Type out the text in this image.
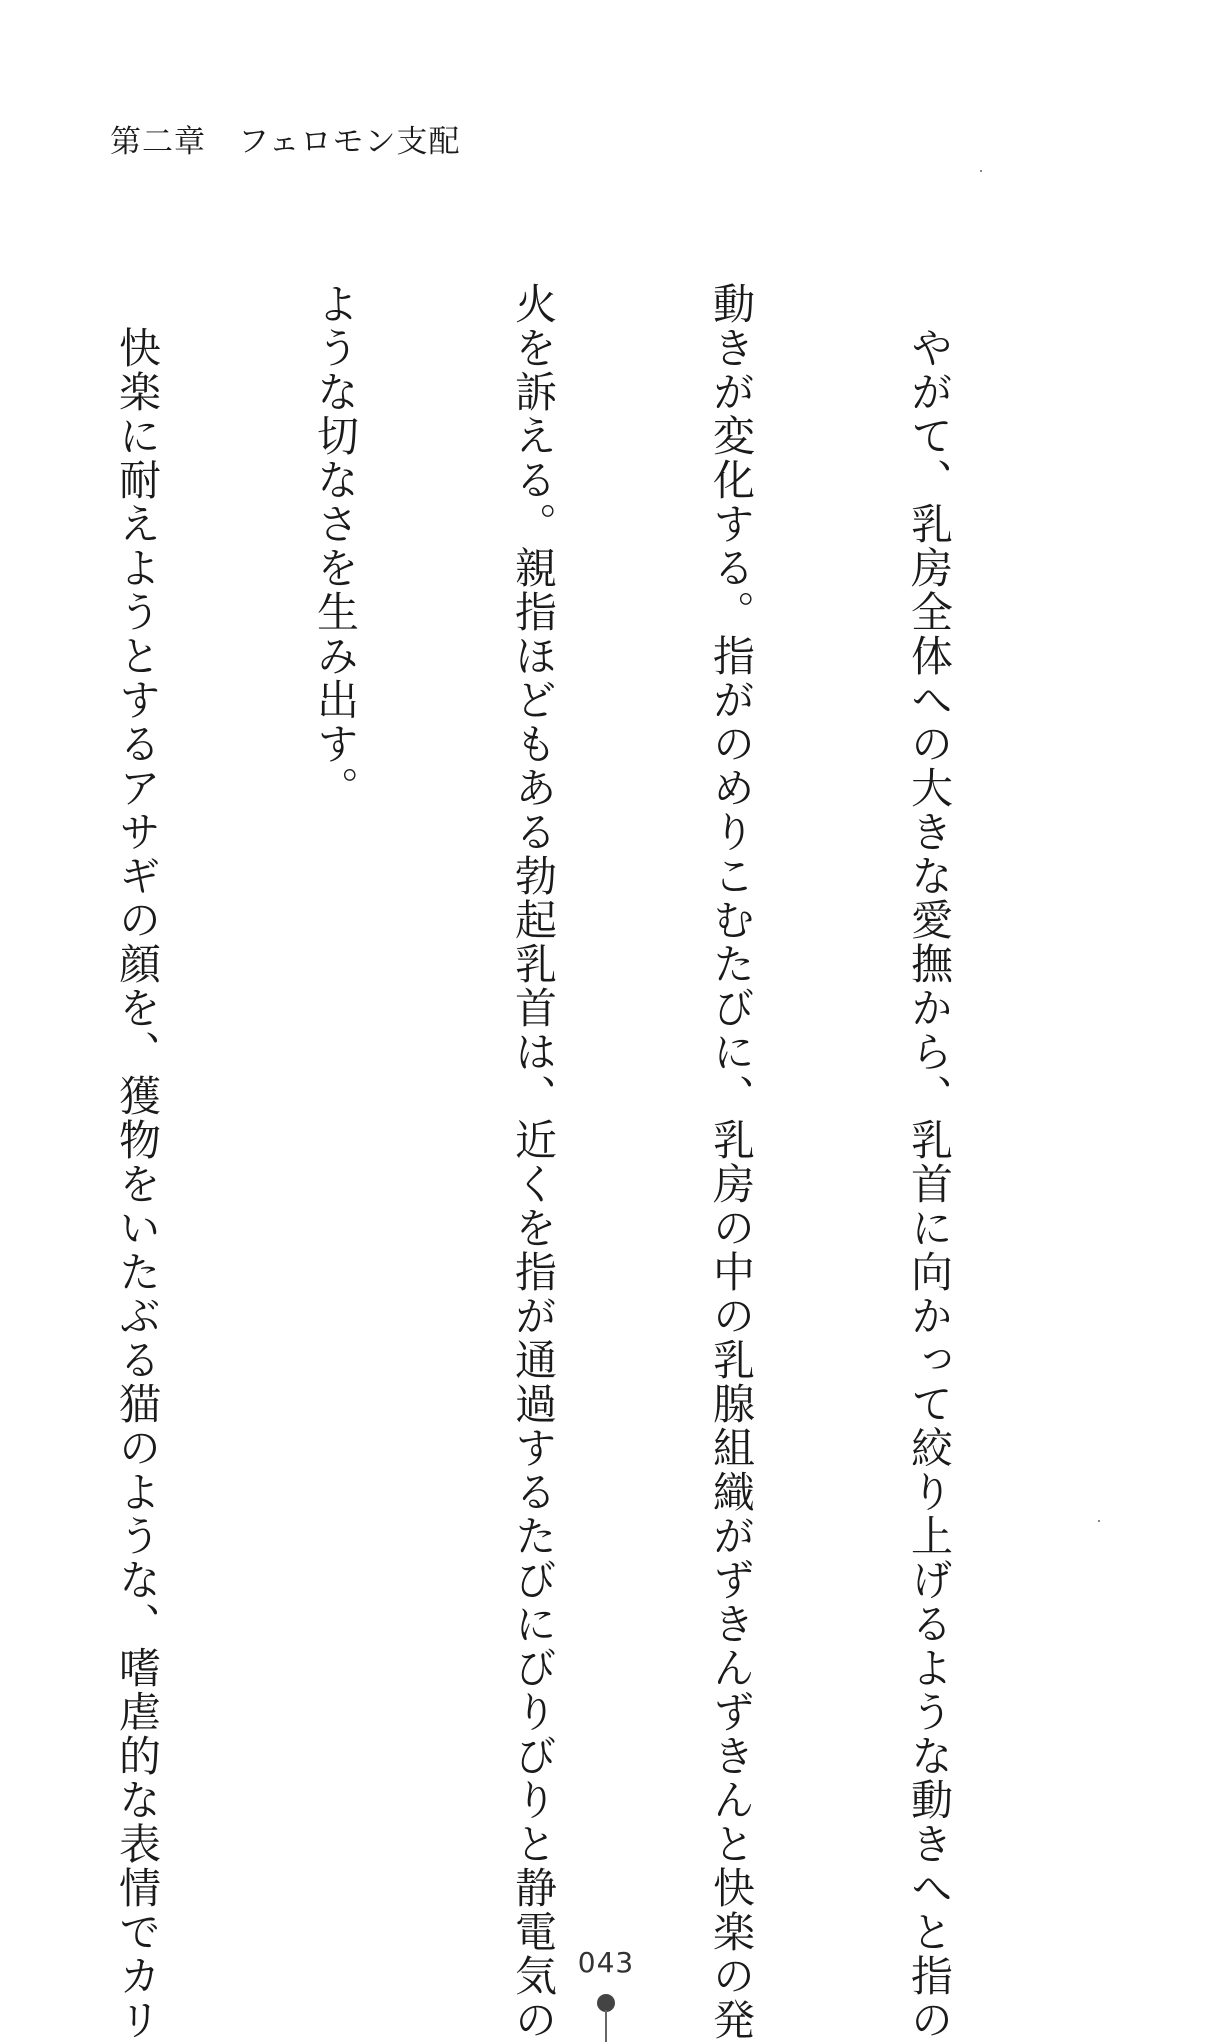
第二章　フェロモン支配

　やがて、乳房全体への大きな愛撫から、乳首に向かって絞り上げるような動きへと指の

動きが変化する。指がのめりこむたびに、乳房の中の乳腺組織がずきんずきんと快楽の発

火を訴える。親指ほどもある勃起乳首は、近くを指が通過するたびにびりびりと静電気の

ような切なさを生み出す。

　快楽に耐えようとするアサギの顔を、獲物をいたぶる猫のような、嗜虐的な表情でカリ

	043
